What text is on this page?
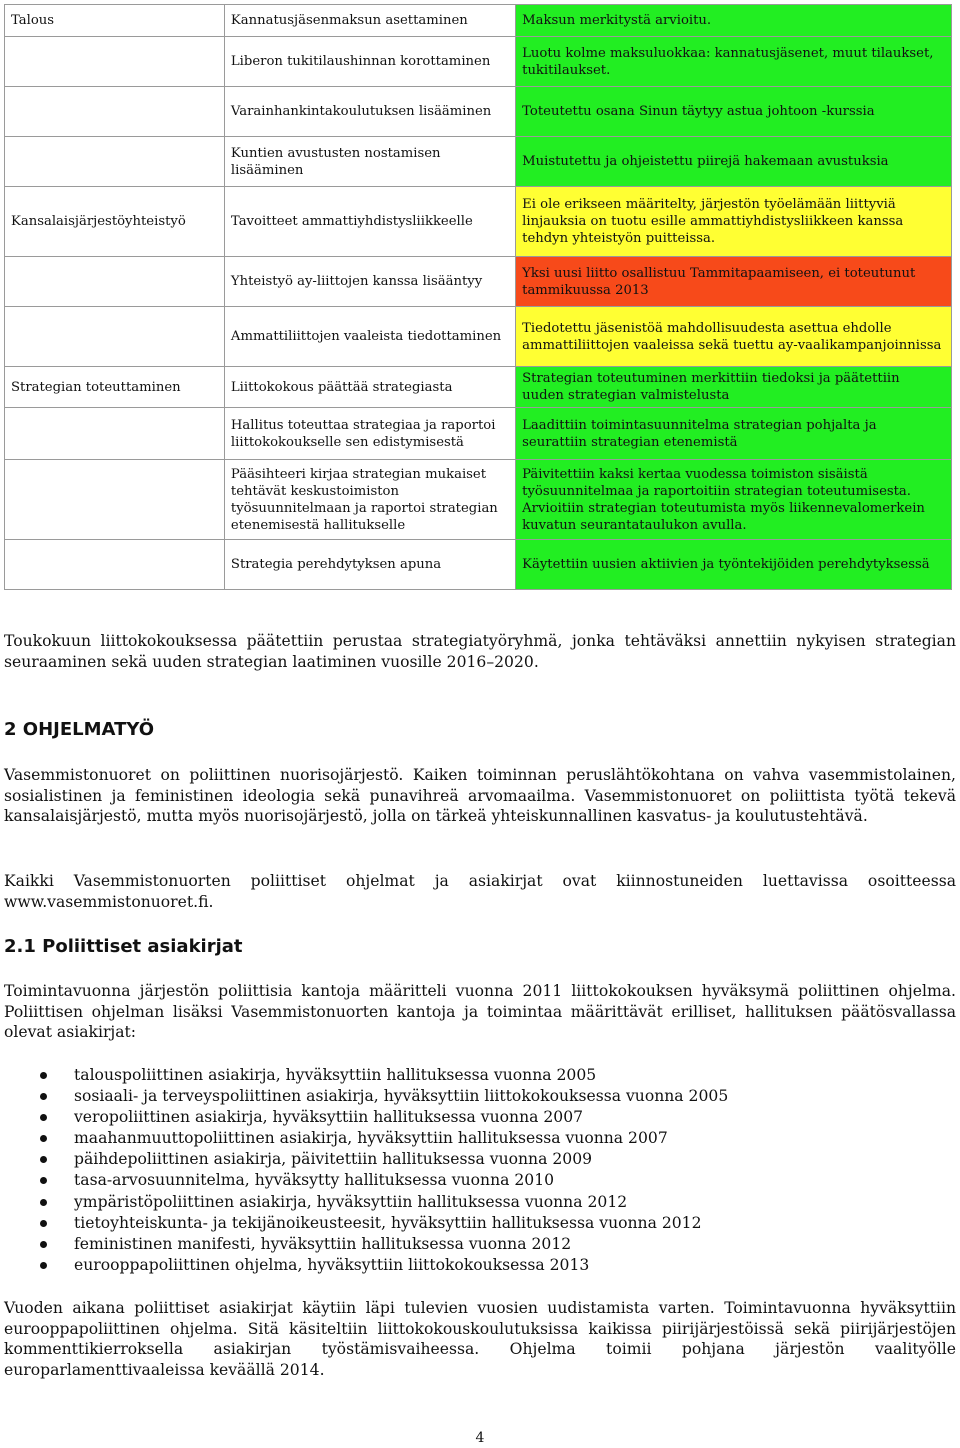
Talous	Kannatusjäsenmaksun asettaminen	Maksun merkitystä arvioitu.
	Liberon tukitilaushinnan korottaminen	Luotu kolme maksuluokkaa: kannatusjäsenet, muut tilaukset, tukitilaukset.
	Varainhankintakoulutuksen lisääminen	Toteutettu osana Sinun täytyy astua johtoon -kurssia
	Kuntien avustusten nostamisen lisääminen	Muistutettu ja ohjeistettu piirejä hakemaan avustuksia
Kansalaisjärjestöyhteistyö	Tavoitteet ammattiyhdistysliikkeelle	Ei ole erikseen määritelty, järjestön työelämään liittyviä linjauksia on tuotu esille ammattiyhdistysliikkeen kanssa tehdyn yhteistyön puitteissa.
	Yhteistyö ay-liittojen kanssa lisääntyy	Yksi uusi liitto osallistuu Tammitapaamiseen, ei toteutunut tammikuussa 2013
	Ammattiliittojen vaaleista tiedottaminen	Tiedotettu jäsenistöä mahdollisuudesta asettua ehdolle ammattiliittojen vaaleissa sekä tuettu ay-vaalikampanjoinnissa
Strategian toteuttaminen	Liittokokous päättää strategiasta	Strategian toteutuminen merkittiin tiedoksi ja päätettiin uuden strategian valmistelusta
	Hallitus toteuttaa strategiaa ja raportoi liittokokoukselle sen edistymisestä	Laadittiin toimintasuunnitelma strategian pohjalta ja seurattiin strategian etenemistä
	Pääsihteeri kirjaa strategian mukaiset tehtävät keskustoimiston työsuunnitelmaan ja raportoi strategian etenemisestä hallitukselle	Päivitettiin kaksi kertaa vuodessa toimiston sisäistä työsuunnitelmaa ja raportoitiin strategian toteutumisesta. Arvioitiin strategian toteutumista myös liikennevalomerkein kuvatun seurantataulukon avulla.
	Strategia perehdytyksen apuna	Käytettiin uusien aktiivien ja työntekijöiden perehdytyksessä
Toukokuun liittokokouksessa päätettiin perustaa strategiatyöryhmä, jonka tehtäväksi annettiin nykyisen strategian seuraaminen sekä uuden strategian laatiminen vuosille 2016–2020.
2 OHJELMATYÖ
Vasemmistonuoret on poliittinen nuorisojärjestö. Kaiken toiminnan peruslähtökohtana on vahva vasemmistolainen, sosialistinen ja feministinen ideologia sekä punavihreä arvomaailma. Vasemmistonuoret on poliittista työtä tekevä kansalaisjärjestö, mutta myös nuorisojärjestö, jolla on tärkeä yhteiskunnallinen kasvatus- ja koulutustehtävä.
Kaikki Vasemmistonuorten poliittiset ohjelmat ja asiakirjat ovat kiinnostuneiden luettavissa osoitteessa www.vasemmistonuoret.fi.
2.1 Poliittiset asiakirjat
Toimintavuonna järjestön poliittisia kantoja määritteli vuonna 2011 liittokokouksen hyväksymä poliittinen ohjelma. Poliittisen ohjelman lisäksi Vasemmistonuorten kantoja ja toimintaa määrittävät erilliset, hallituksen päätösvallassa olevat asiakirjat:
talouspoliittinen asiakirja, hyväksyttiin hallituksessa vuonna 2005
sosiaali- ja terveyspoliittinen asiakirja, hyväksyttiin liittokokouksessa vuonna 2005
veropoliittinen asiakirja, hyväksyttiin hallituksessa vuonna 2007
maahanmuuttopoliittinen asiakirja, hyväksyttiin hallituksessa vuonna 2007
päihdepoliittinen asiakirja, päivitettiin hallituksessa vuonna 2009
tasa-arvosuunnitelma, hyväksytty hallituksessa vuonna 2010
ympäristöpoliittinen asiakirja, hyväksyttiin hallituksessa vuonna 2012
tietoyhteiskunta- ja tekijänoikeusteesit, hyväksyttiin hallituksessa vuonna 2012
feministinen manifesti, hyväksyttiin hallituksessa vuonna 2012
eurooppapoliittinen ohjelma, hyväksyttiin liittokokouksessa 2013
Vuoden aikana poliittiset asiakirjat käytiin läpi tulevien vuosien uudistamista varten. Toimintavuonna hyväksyttiin eurooppapoliittinen ohjelma. Sitä käsiteltiin liittokokouskoulutuksissa kaikissa piirijärjestöissä sekä piirijärjestöjen kommenttikierroksella asiakirjan työstämisvaiheessa. Ohjelma toimii pohjana järjestön vaalityölle europarlamenttivaaleissa keväällä 2014.
4
